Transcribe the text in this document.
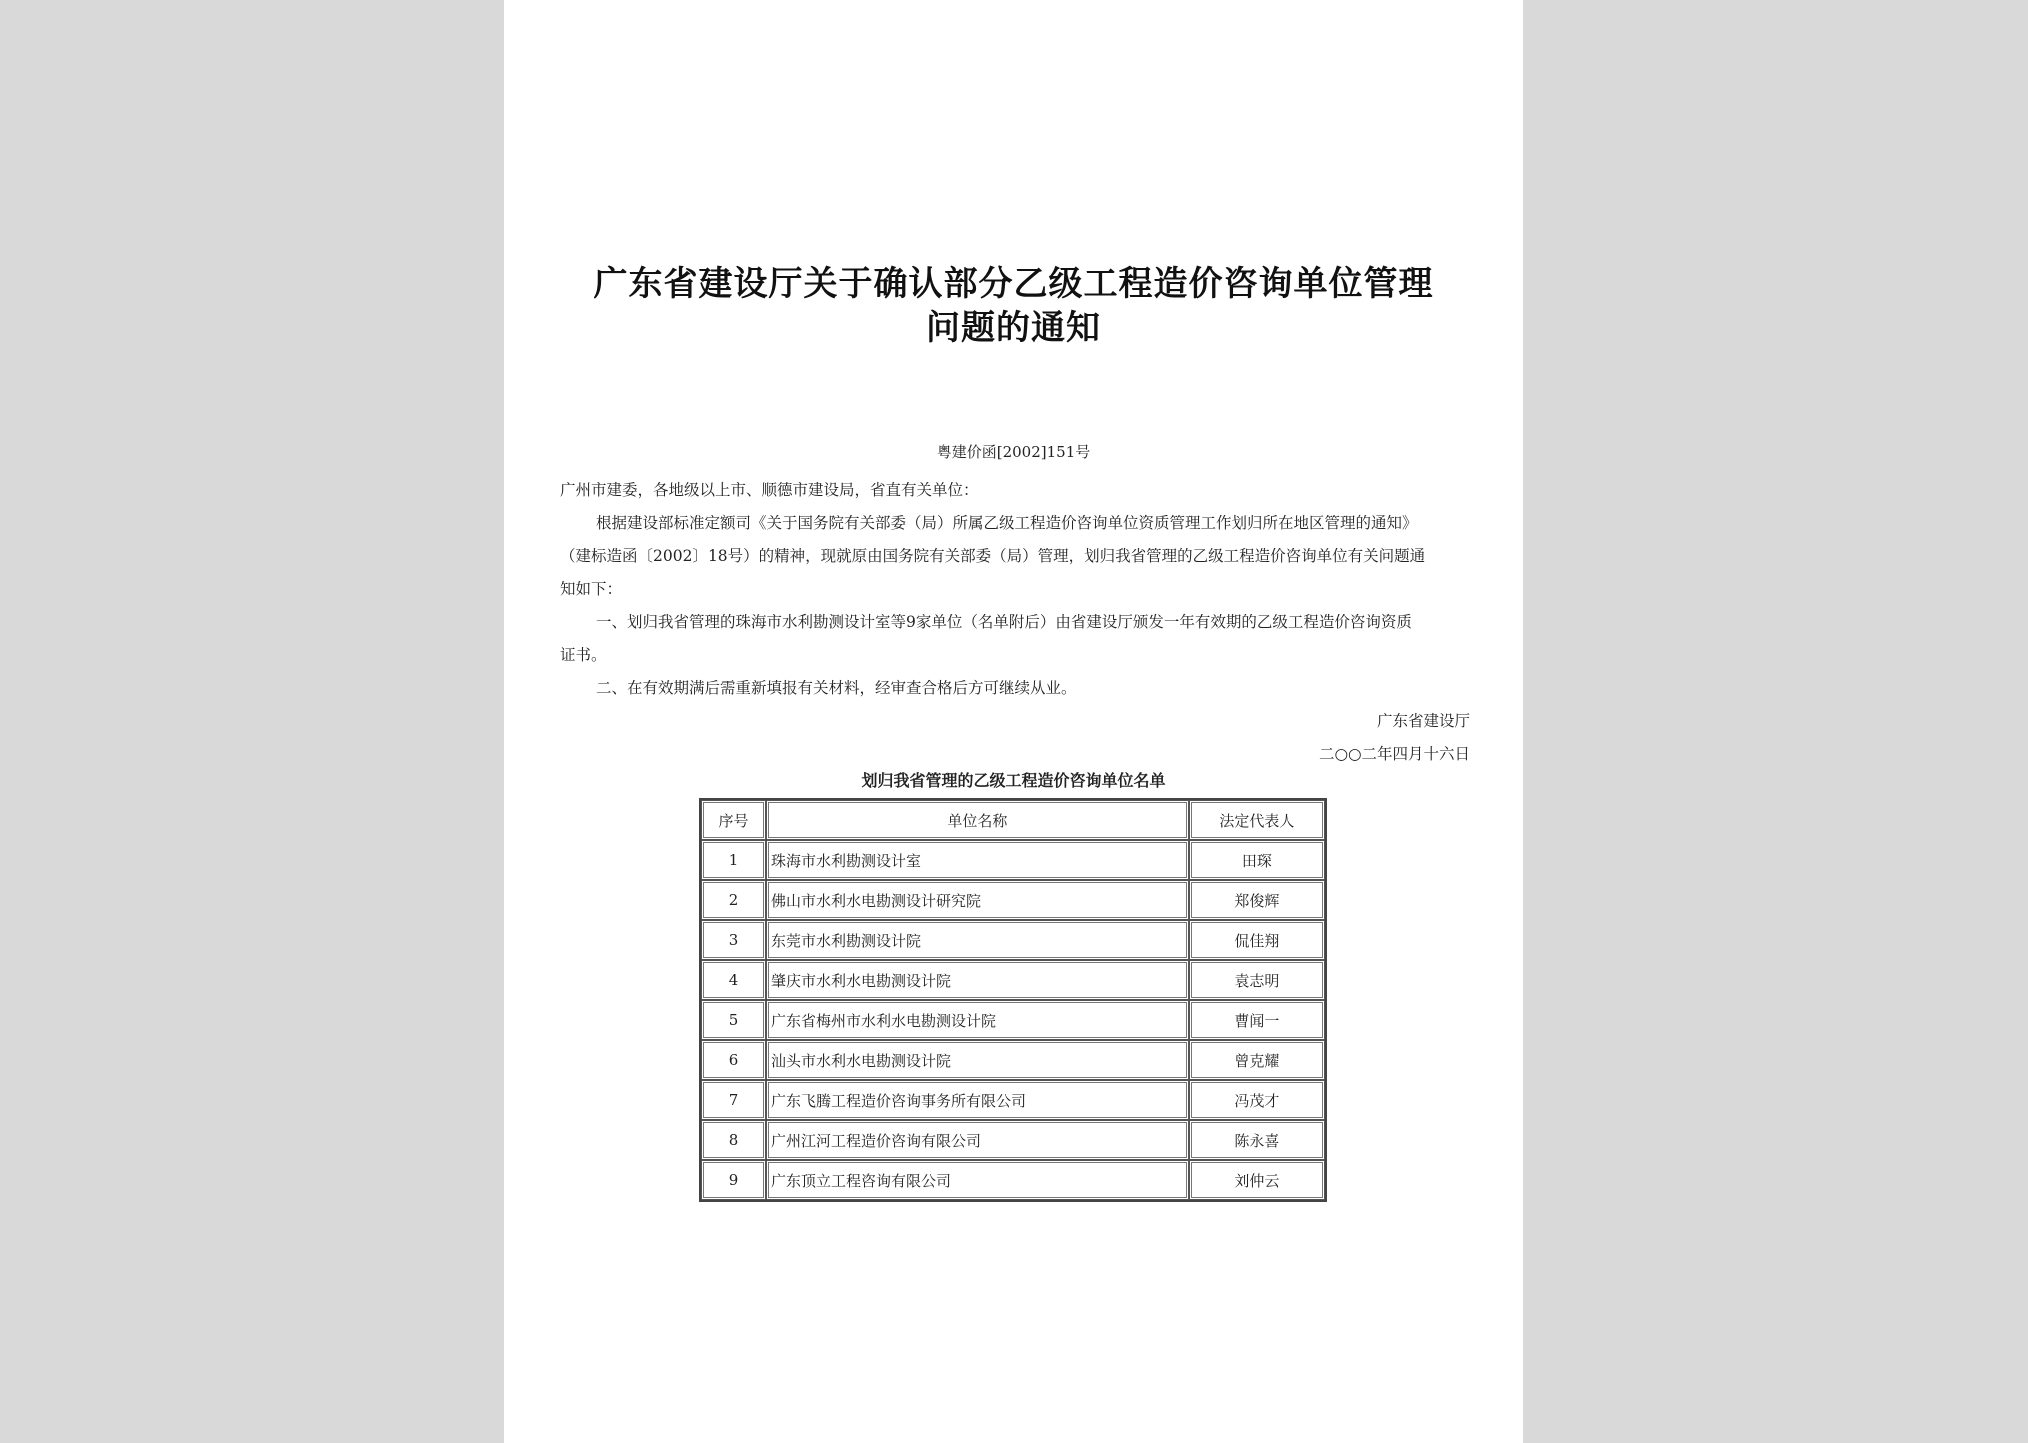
广东省建设厅关于确认部分乙级工程造价咨询单位管理
问题的通知
粤建价函[2002]151号

广州市建委，各地级以上市、顺德市建设局，省直有关单位：

根据建设部标准定额司《关于国务院有关部委（局）所属乙级工程造价咨询单位资质管理工作划归所在地区管理的通知》

（建标造函〔2002〕18号）的精神，现就原由国务院有关部委（局）管理，划归我省管理的乙级工程造价咨询单位有关问题通

知如下：

一、划归我省管理的珠海市水利勘测设计室等9家单位（名单附后）由省建设厅颁发一年有效期的乙级工程造价咨询资质

证书。

二、在有效期满后需重新填报有关材料，经审查合格后方可继续从业。

广东省建设厅

二○○二年四月十六日

划归我省管理的乙级工程造价咨询单位名单
序号	单位名称	法定代表人
1	珠海市水利勘测设计室	田琛
2	佛山市水利水电勘测设计研究院	郑俊辉
3	东莞市水利勘测设计院	侃佳翔
4	肇庆市水利水电勘测设计院	袁志明
5	广东省梅州市水利水电勘测设计院	曹闻一
6	汕头市水利水电勘测设计院	曾克耀
7	广东飞腾工程造价咨询事务所有限公司	冯茂才
8	广州江河工程造价咨询有限公司	陈永喜
9	广东顶立工程咨询有限公司	刘仲云
